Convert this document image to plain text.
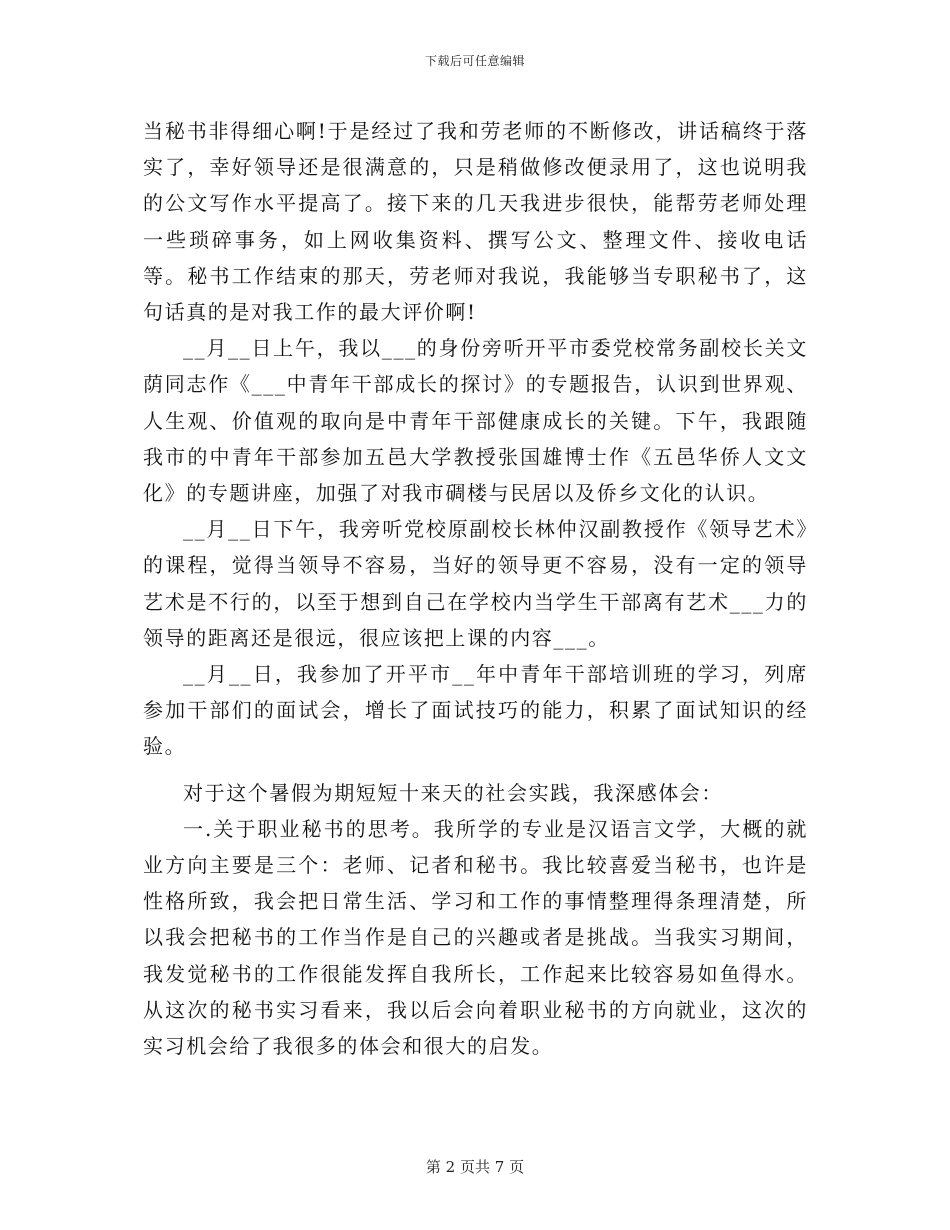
下载后可任意编辑

当秘书非得细心啊!于是经过了我和劳老师的不断修改，讲话稿终于落实了，幸好领导还是很满意的，只是稍做修改便录用了，这也说明我的公文写作水平提高了。接下来的几天我进步很快，能帮劳老师处理一些琐碎事务，如上网收集资料、撰写公文、整理文件、接收电话等。秘书工作结束的那天，劳老师对我说，我能够当专职秘书了，这句话真的是对我工作的最大评价啊!

__月__日上午，我以___的身份旁听开平市委党校常务副校长关文荫同志作《___中青年干部成长的探讨》的专题报告，认识到世界观、人生观、价值观的取向是中青年干部健康成长的关键。下午，我跟随我市的中青年干部参加五邑大学教授张国雄博士作《五邑华侨人文文化》的专题讲座，加强了对我市碉楼与民居以及侨乡文化的认识。

__月__日下午，我旁听党校原副校长林仲汉副教授作《领导艺术》的课程，觉得当领导不容易，当好的领导更不容易，没有一定的领导艺术是不行的，以至于想到自己在学校内当学生干部离有艺术___力的领导的距离还是很远，很应该把上课的内容___。

__月__日，我参加了开平市__年中青年干部培训班的学习，列席参加干部们的面试会，增长了面试技巧的能力，积累了面试知识的经验。

对于这个暑假为期短短十来天的社会实践，我深感体会：

一.关于职业秘书的思考。我所学的专业是汉语言文学，大概的就业方向主要是三个：老师、记者和秘书。我比较喜爱当秘书，也许是性格所致，我会把日常生活、学习和工作的事情整理得条理清楚，所以我会把秘书的工作当作是自己的兴趣或者是挑战。当我实习期间，我发觉秘书的工作很能发挥自我所长，工作起来比较容易如鱼得水。从这次的秘书实习看来，我以后会向着职业秘书的方向就业，这次的实习机会给了我很多的体会和很大的启发。

第 2 页共 7 页
